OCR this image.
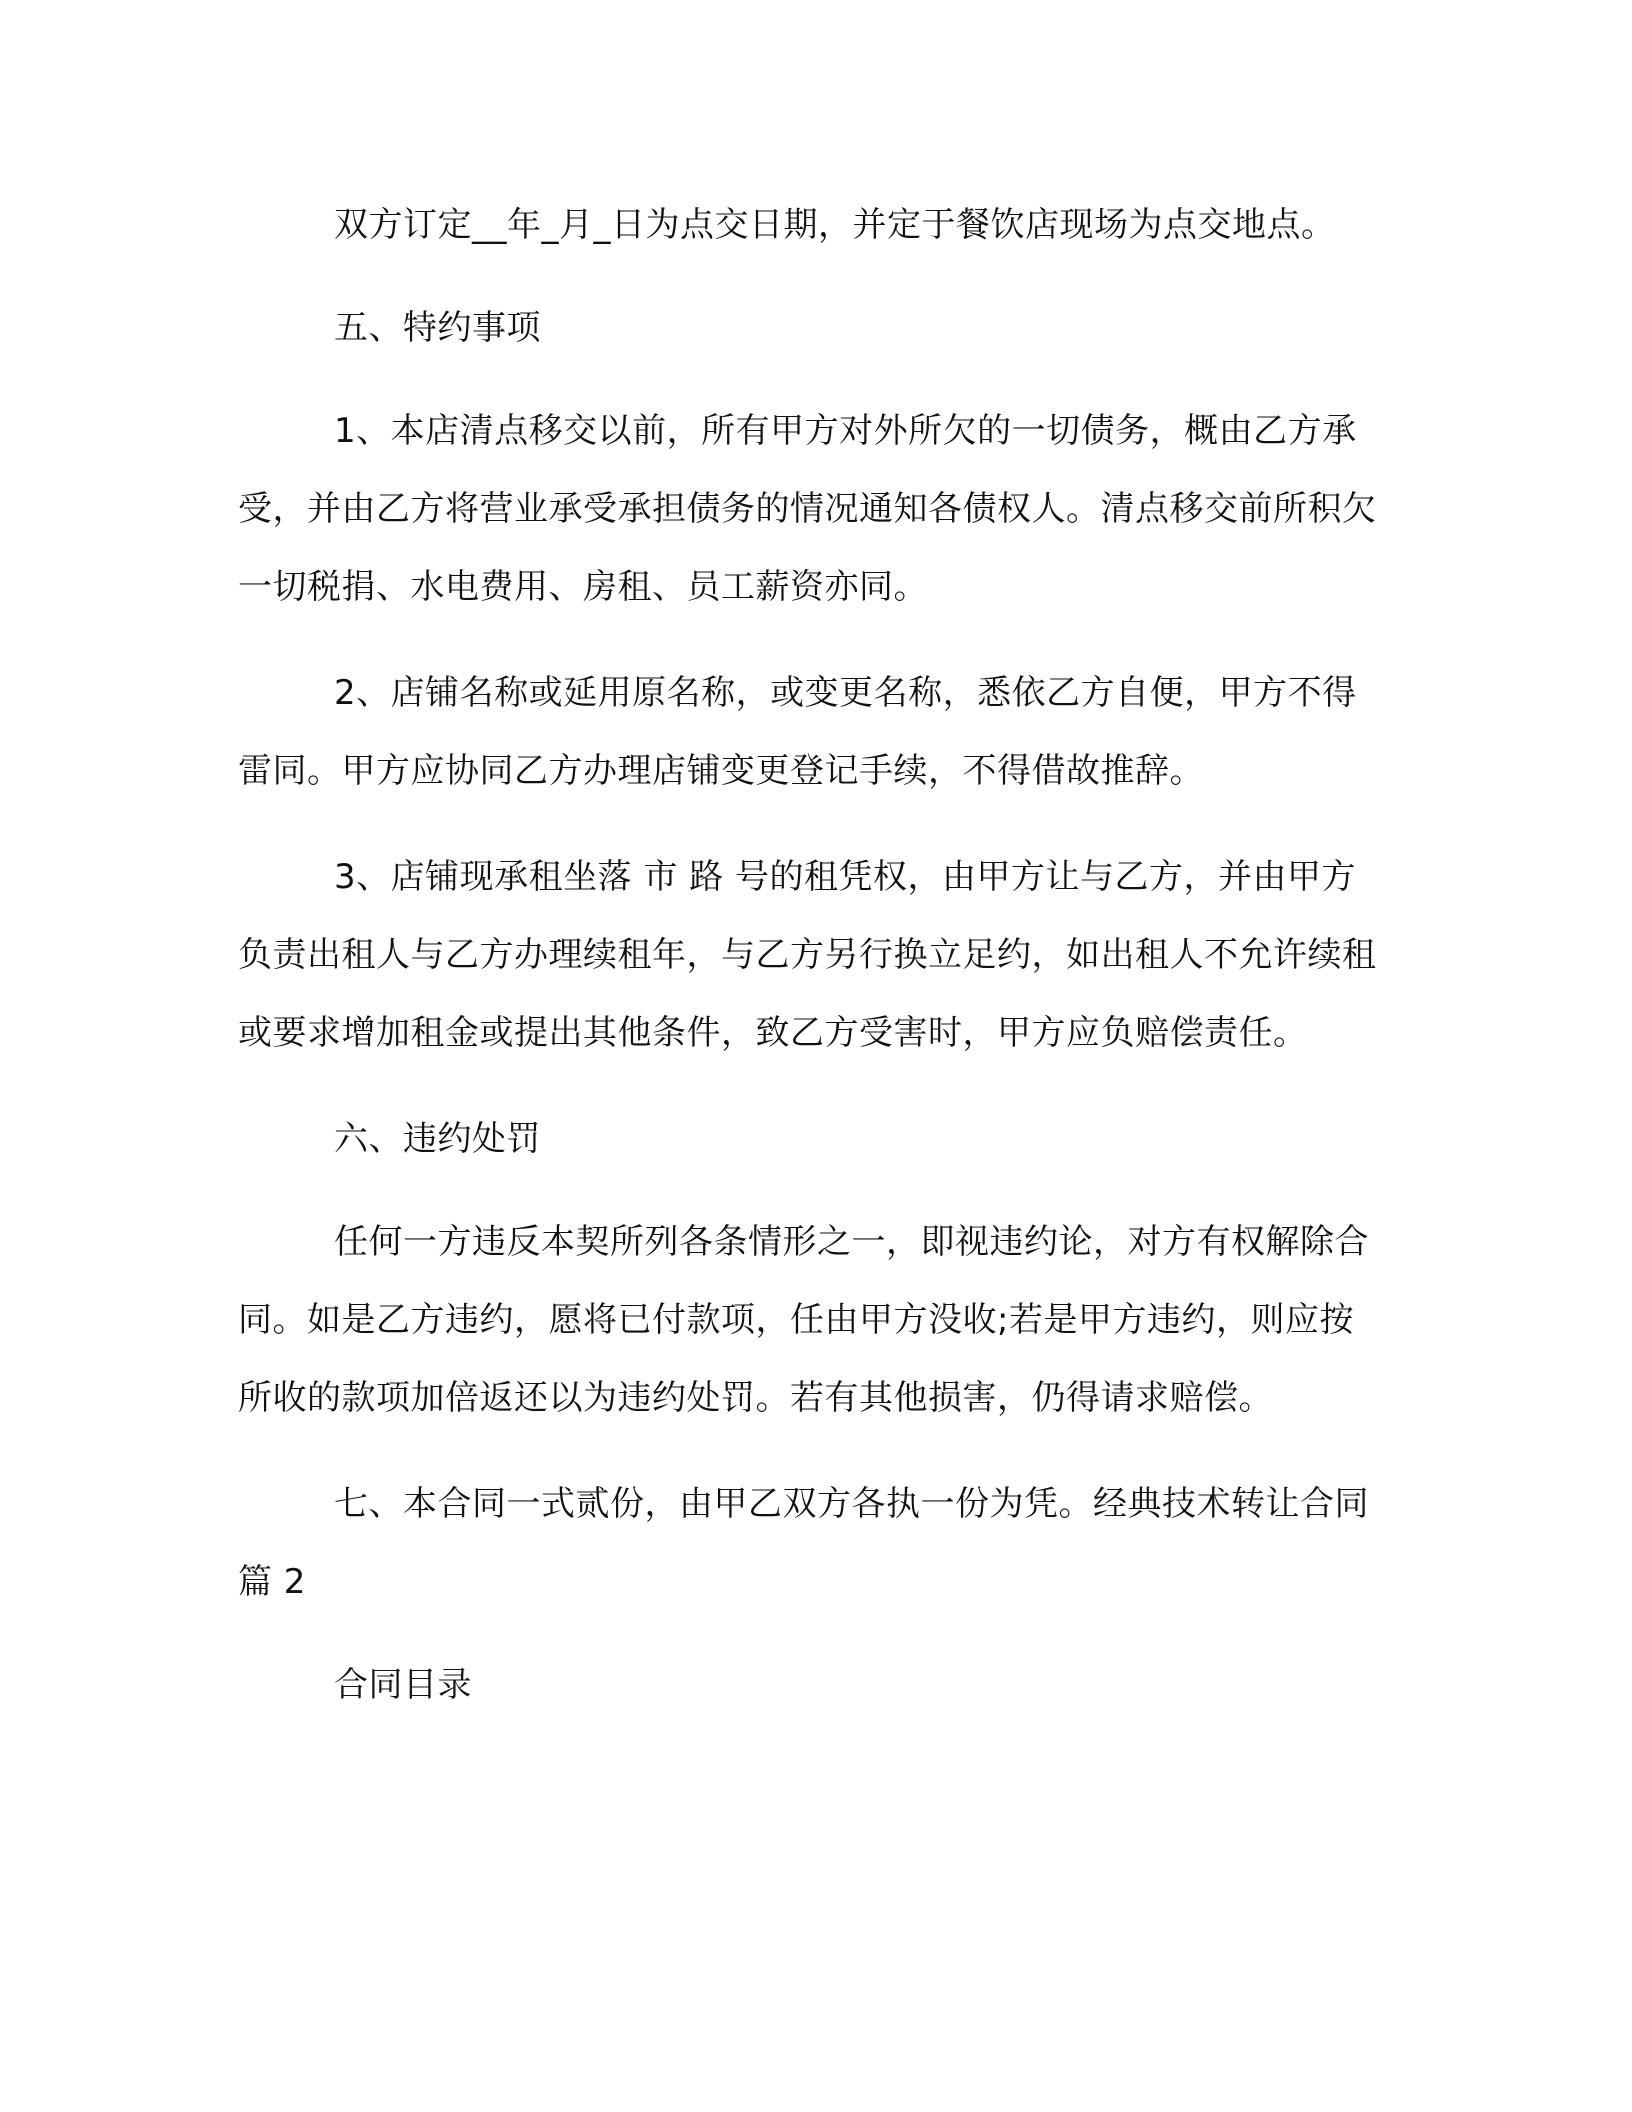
双方订定__年_月_日为点交日期，并定于餐饮店现场为点交地点。

五、特约事项

1、本店清点移交以前，所有甲方对外所欠的一切债务，概由乙方承受，并由乙方将营业承受承担债务的情况通知各债权人。清点移交前所积欠一切税捐、水电费用、房租、员工薪资亦同。

2、店铺名称或延用原名称，或变更名称，悉依乙方自便，甲方不得雷同。甲方应协同乙方办理店铺变更登记手续，不得借故推辞。

3、店铺现承租坐落 市 路 号的租凭权，由甲方让与乙方，并由甲方负责出租人与乙方办理续租年，与乙方另行换立足约，如出租人不允许续租或要求增加租金或提出其他条件，致乙方受害时，甲方应负赔偿责任。

六、违约处罚

任何一方违反本契所列各条情形之一，即视违约论，对方有权解除合同。如是乙方违约，愿将已付款项，任由甲方没收;若是甲方违约，则应按所收的款项加倍返还以为违约处罚。若有其他损害，仍得请求赔偿。

七、本合同一式贰份，由甲乙双方各执一份为凭。经典技术转让合同 篇 2

合同目录
